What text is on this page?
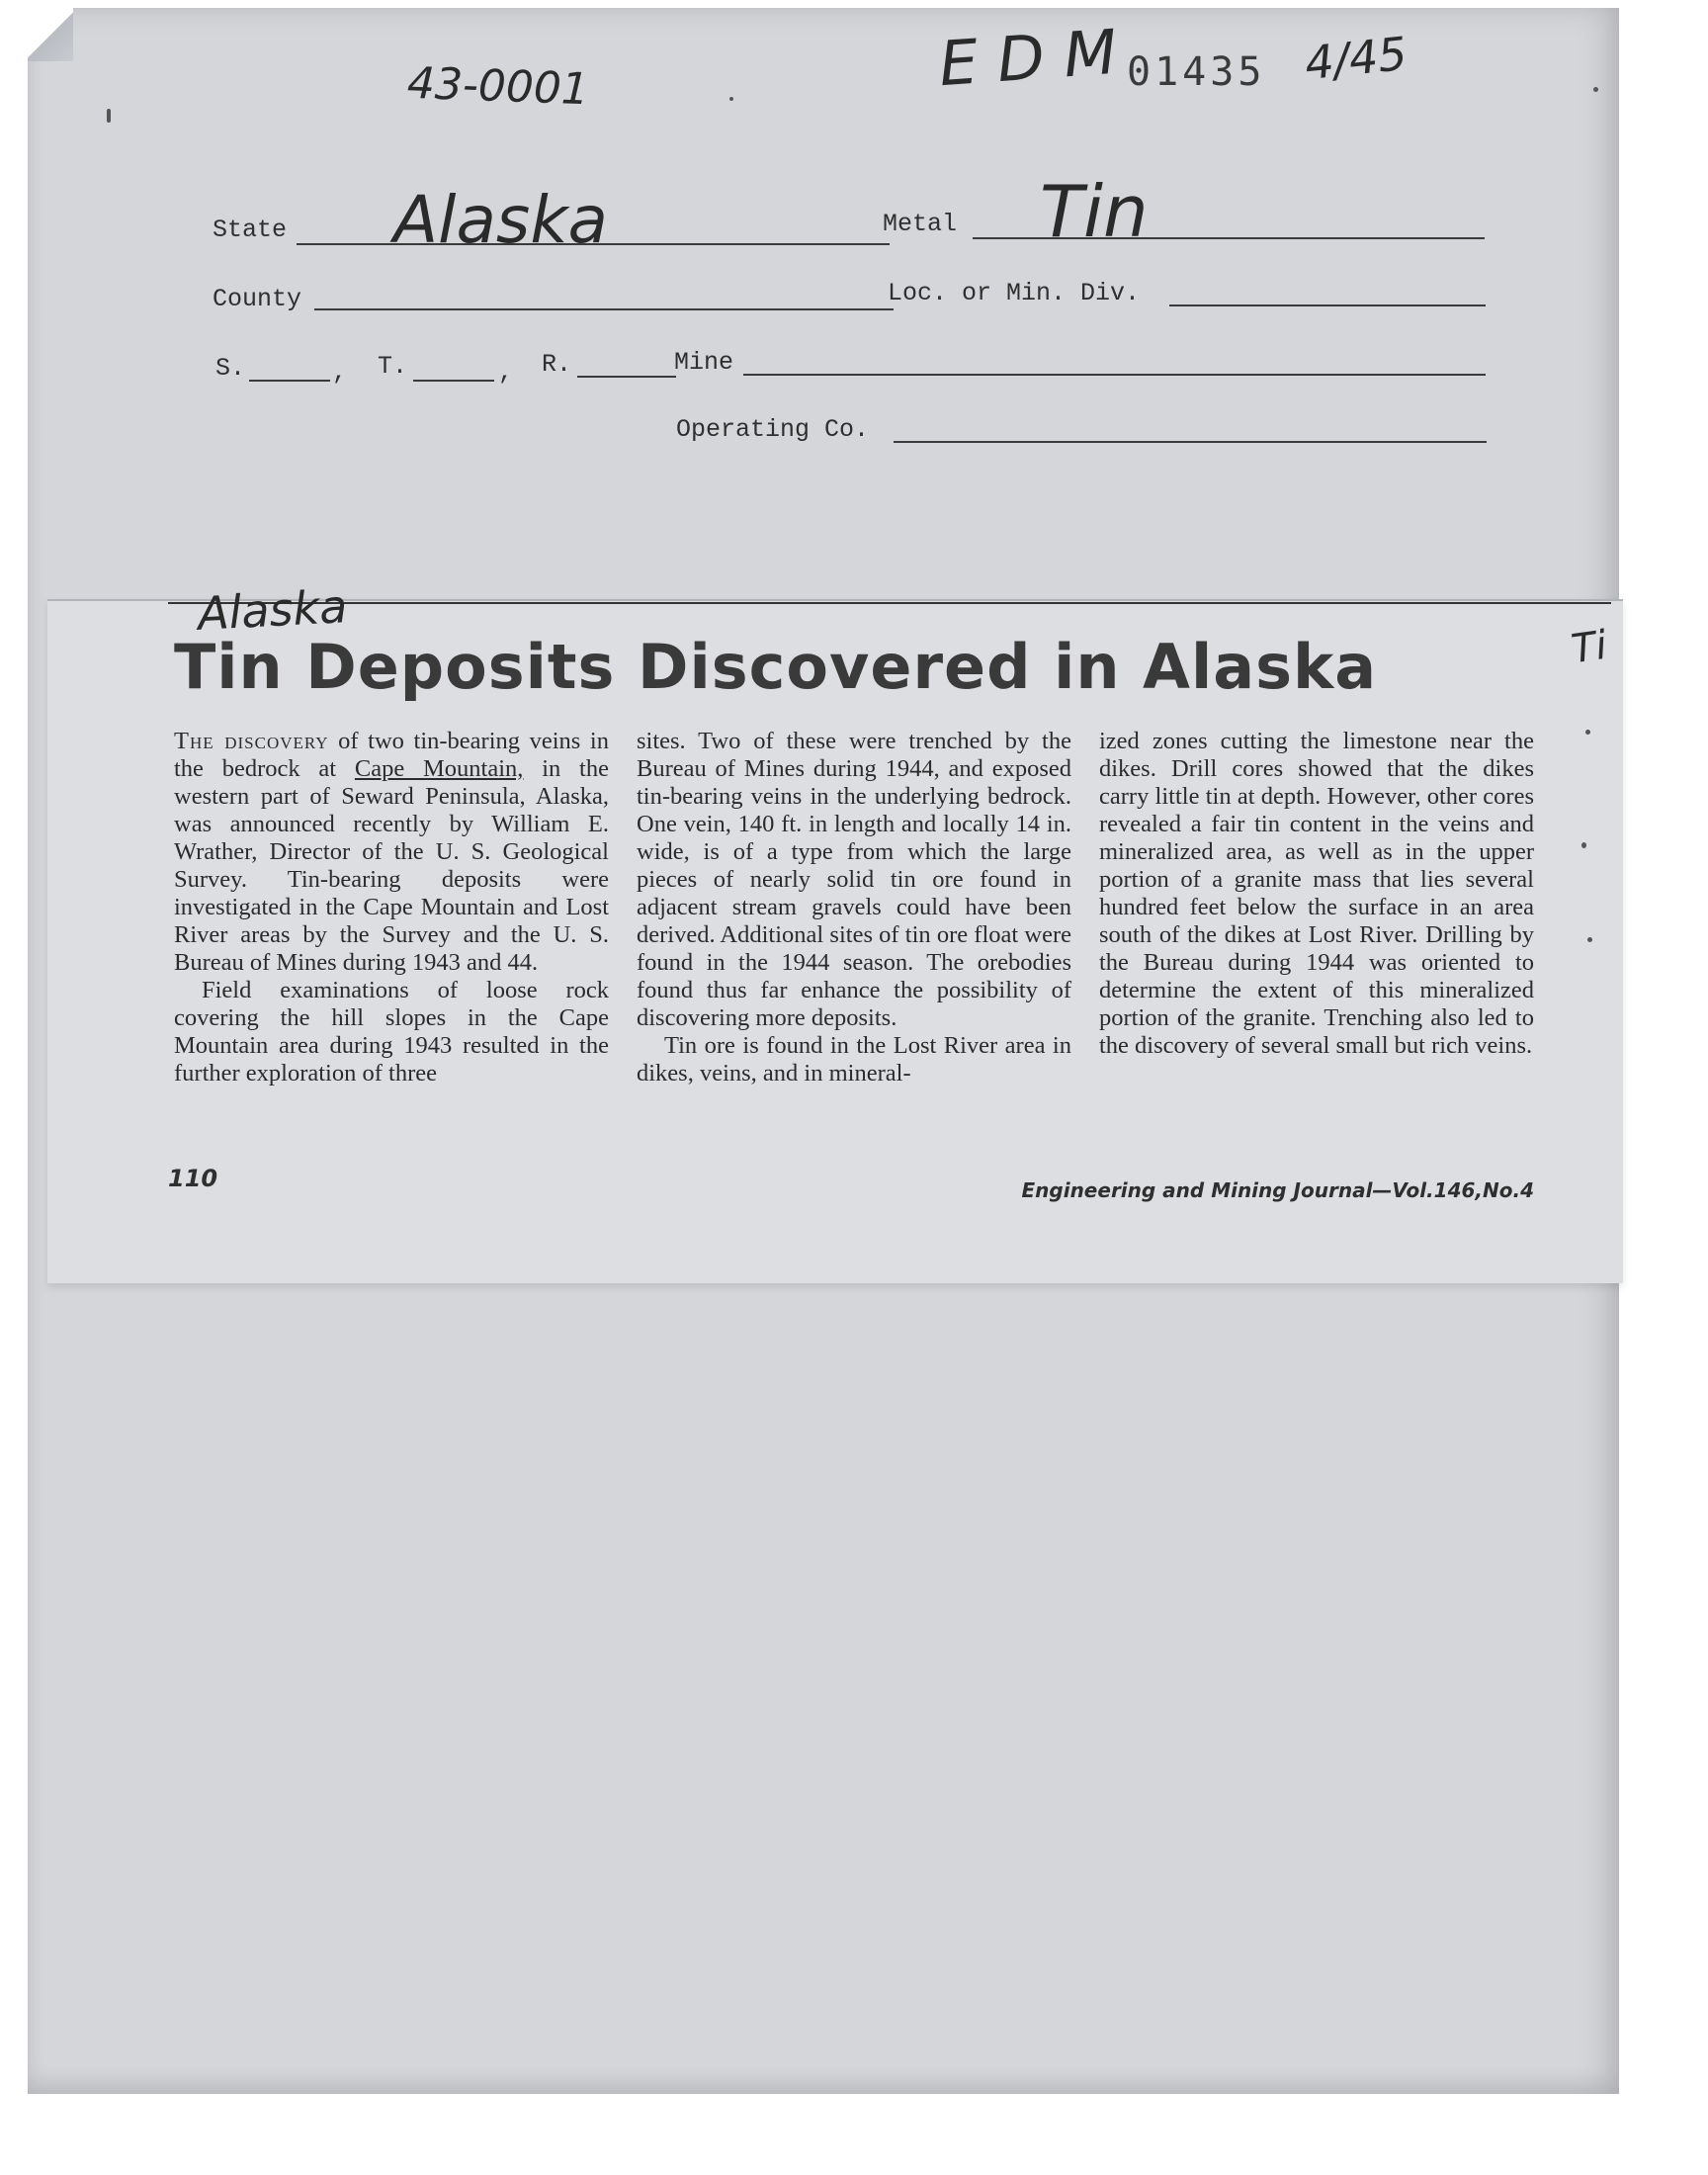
43-0001	E D M 01435 4/45
State Alaska	Metal Tin
County	Loc. or Min. Div.
S.	, T.	, R.	Mine
Operating Co.
Alaska
Ti
Tin Deposits Discovered in Alaska

The discovery of two tin-bearing veins in the bedrock at Cape Mountain, in the western part of Seward Peninsula, Alaska, was announced recently by William E. Wrather, Director of the U. S. Geological Survey. Tin-bearing deposits were investigated in the Cape Mountain and Lost River areas by the Survey and the U. S. Bureau of Mines during 1943 and 44.

Field examinations of loose rock covering the hill slopes in the Cape Mountain area during 1943 resulted in the further exploration of three

sites. Two of these were trenched by the Bureau of Mines during 1944, and exposed tin-bearing veins in the underlying bedrock. One vein, 140 ft. in length and locally 14 in. wide, is of a type from which the large pieces of nearly solid tin ore found in adjacent stream gravels could have been derived. Additional sites of tin ore float were found in the 1944 season. The orebodies found thus far enhance the possibility of discovering more deposits.

Tin ore is found in the Lost River area in dikes, veins, and in mineral-

ized zones cutting the limestone near the dikes. Drill cores showed that the dikes carry little tin at depth. However, other cores revealed a fair tin content in the veins and mineralized area, as well as in the upper portion of a granite mass that lies several hundred feet below the surface in an area south of the dikes at Lost River. Drilling by the Bureau during 1944 was oriented to determine the extent of this mineralized portion of the granite. Trenching also led to the discovery of several small but rich veins.

110	Engineering and Mining Journal—Vol.146,No.4
